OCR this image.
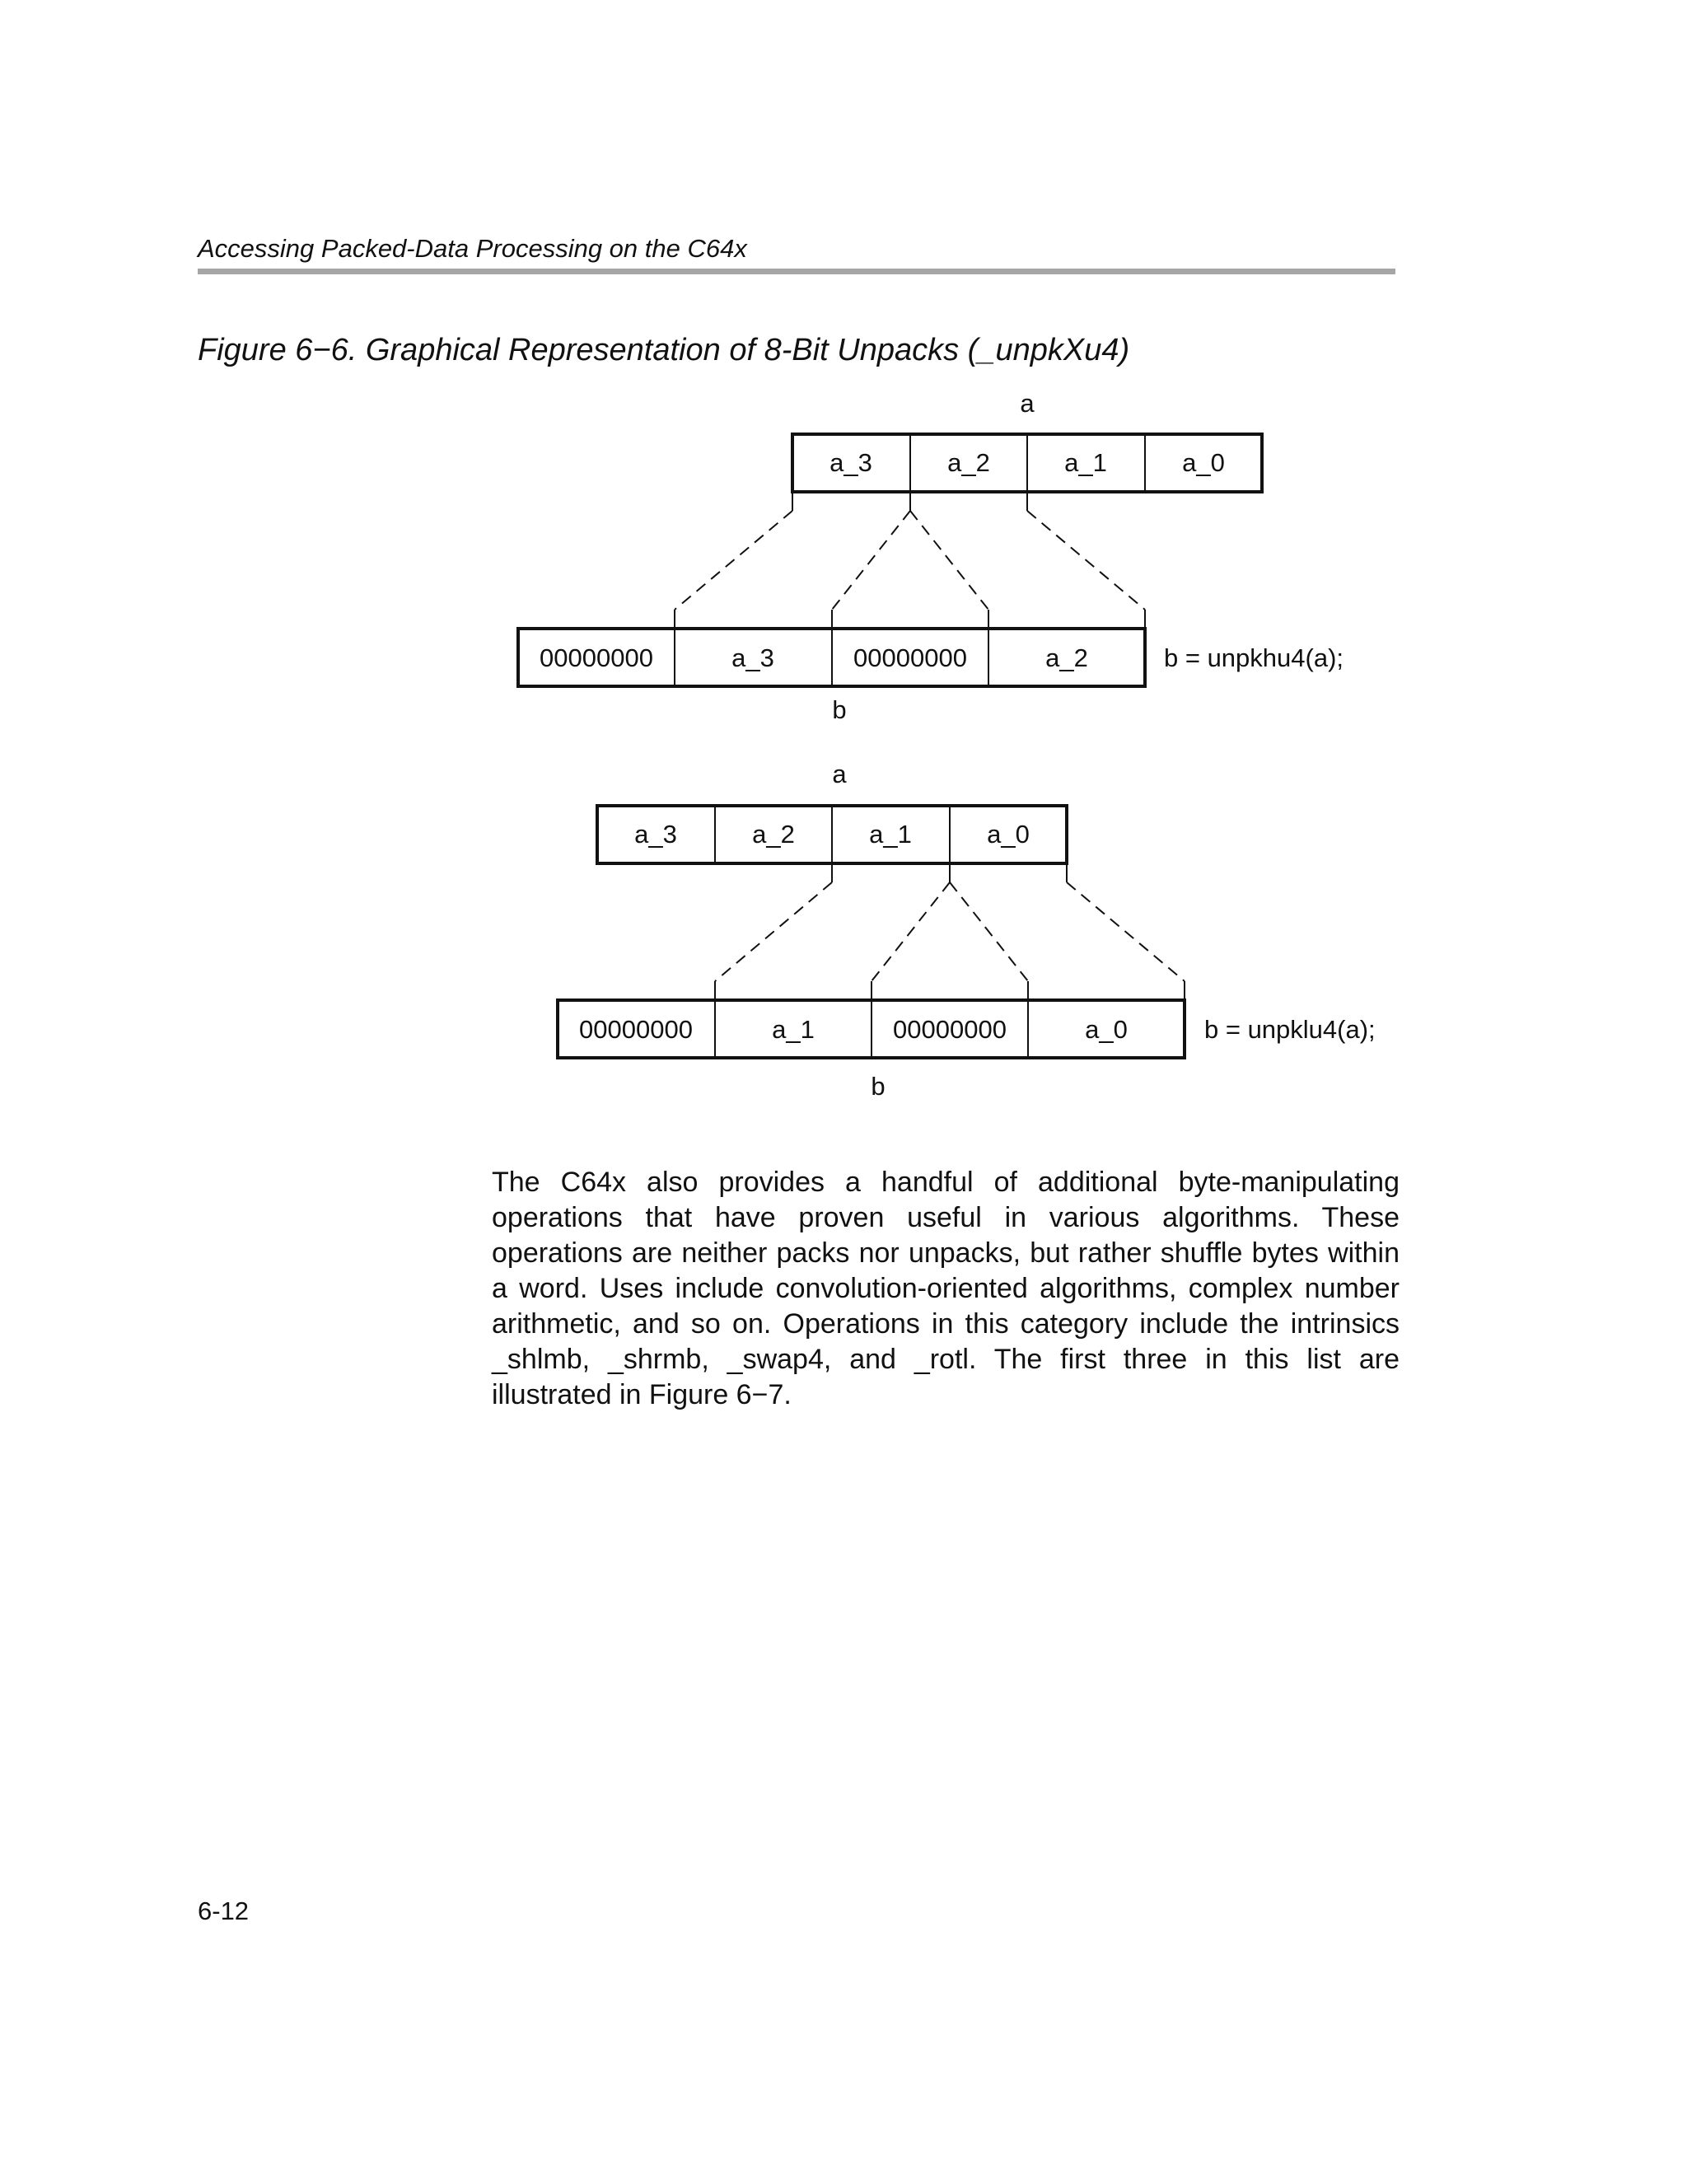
Accessing Packed-Data Processing on the C64x
Figure 6−6. Graphical Representation of 8-Bit Unpacks (_unpkXu4)
a
a_3	a_2	a_1	a_0
00000000	a_3	00000000	a_2	b = unpkhu4(a);
b
a
a_3	a_2	a_1	a_0
00000000	a_1	00000000	a_0	b = unpklu4(a);
b

The C64x also provides a handful of additional byte-manipulating operations that have proven useful in various algorithms. These operations are neither packs nor unpacks, but rather shuffle bytes within a word. Uses include convolution-oriented algorithms, complex number arithmetic, and so on. Operations in this category include the intrinsics _shlmb, _shrmb, _swap4, and _rotl. The first three in this list are illustrated in Figure 6−7.

6-12
